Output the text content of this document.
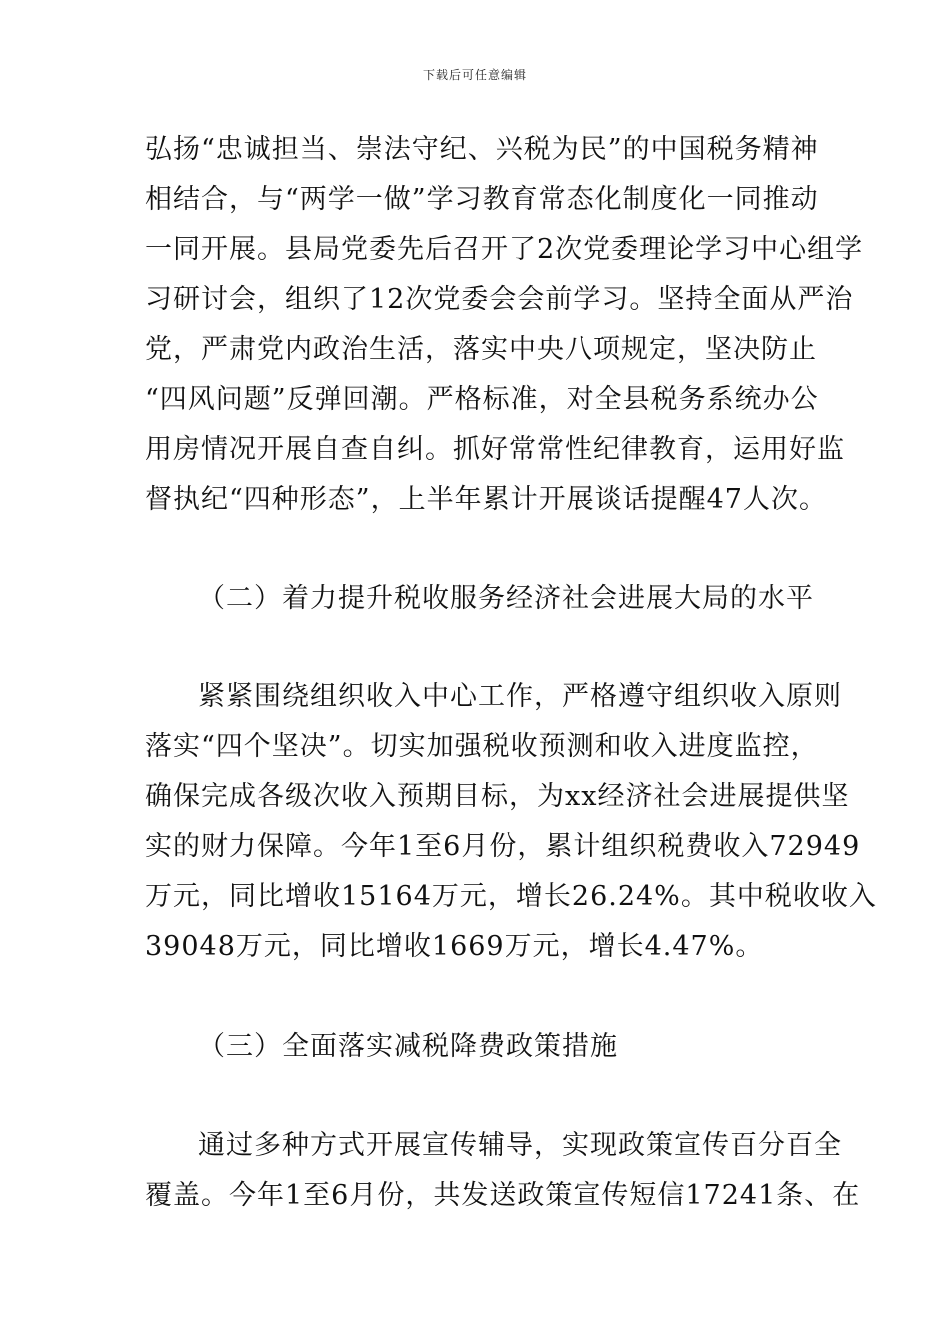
下载后可任意编辑
弘扬“忠诚担当、崇法守纪、兴税为民”的中国税务精神
相结合，与“两学一做”学习教育常态化制度化一同推动
一同开展。县局党委先后召开了2次党委理论学习中心组学
习研讨会，组织了12次党委会会前学习。坚持全面从严治
党，严肃党内政治生活，落实中央八项规定，坚决防止
“四风问题”反弹回潮。严格标准，对全县税务系统办公
用房情况开展自查自纠。抓好常常性纪律教育，运用好监
督执纪“四种形态”，上半年累计开展谈话提醒47人次。
（二）着力提升税收服务经济社会进展大局的水平
紧紧围绕组织收入中心工作，严格遵守组织收入原则
落实“四个坚决”。切实加强税收预测和收入进度监控，
确保完成各级次收入预期目标，为xx经济社会进展提供坚
实的财力保障。今年1至6月份，累计组织税费收入72949
万元，同比增收15164万元，增长26.24%。其中税收收入
39048万元，同比增收1669万元，增长4.47%。
（三）全面落实减税降费政策措施
通过多种方式开展宣传辅导，实现政策宣传百分百全
覆盖。今年1至6月份，共发送政策宣传短信17241条、在
